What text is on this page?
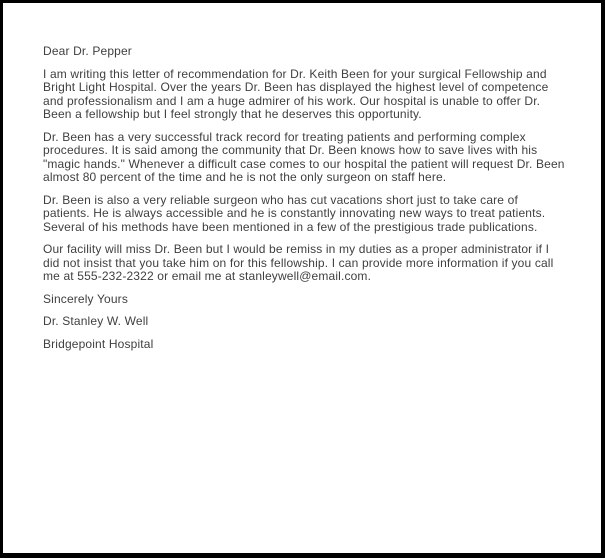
Dear Dr. Pepper

I am writing this letter of recommendation for Dr. Keith Been for your surgical Fellowship and Bright Light Hospital. Over the years Dr. Been has displayed the highest level of competence and professionalism and I am a huge admirer of his work. Our hospital is unable to offer Dr. Been a fellowship but I feel strongly that he deserves this opportunity.

Dr. Been has a very successful track record for treating patients and performing complex procedures. It is said among the community that Dr. Been knows how to save lives with his "magic hands." Whenever a difficult case comes to our hospital the patient will request Dr. Been almost 80 percent of the time and he is not the only surgeon on staff here.

Dr. Been is also a very reliable surgeon who has cut vacations short just to take care of patients. He is always accessible and he is constantly innovating new ways to treat patients. Several of his methods have been mentioned in a few of the prestigious trade publications.

Our facility will miss Dr. Been but I would be remiss in my duties as a proper administrator if I did not insist that you take him on for this fellowship. I can provide more information if you call me at 555-232-2322 or email me at stanleywell@email.com.

Sincerely Yours

Dr. Stanley W. Well

Bridgepoint Hospital
